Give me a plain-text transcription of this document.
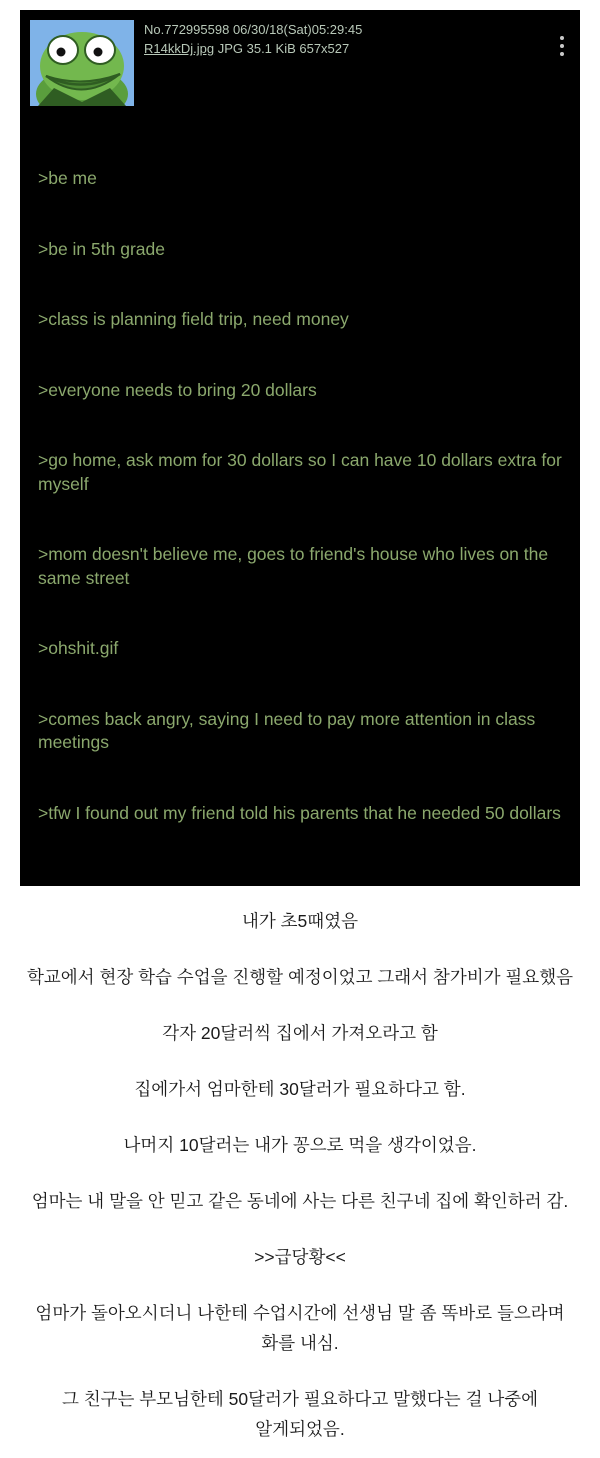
No.772995598 06/30/18(Sat)05:29:45
R14kkDj.jpg JPG 35.1 KiB 657x527

>be me

>be in 5th grade

>class is planning field trip, need money

>everyone needs to bring 20 dollars

>go home, ask mom for 30 dollars so I can have 10 dollars extra for myself

>mom doesn't believe me, goes to friend's house who lives on the same street

>ohshit.gif

>comes back angry, saying I need to pay more attention in class meetings

>tfw I found out my friend told his parents that he needed 50 dollars

내가 초5때였음

학교에서 현장 학습 수업을 진행할 예정이었고 그래서 참가비가 필요했음

각자 20달러씩 집에서 가져오라고 함

집에가서 엄마한테 30달러가 필요하다고 함.

나머지 10달러는 내가 꽁으로 먹을 생각이었음.

엄마는 내 말을 안 믿고 같은 동네에 사는 다른 친구네 집에 확인하러 감.

>>급당황<<

엄마가 돌아오시더니 나한테 수업시간에 선생님 말 좀 똑바로 들으라며 화를 내심.

그 친구는 부모님한테 50달러가 필요하다고 말했다는 걸 나중에 알게되었음.
